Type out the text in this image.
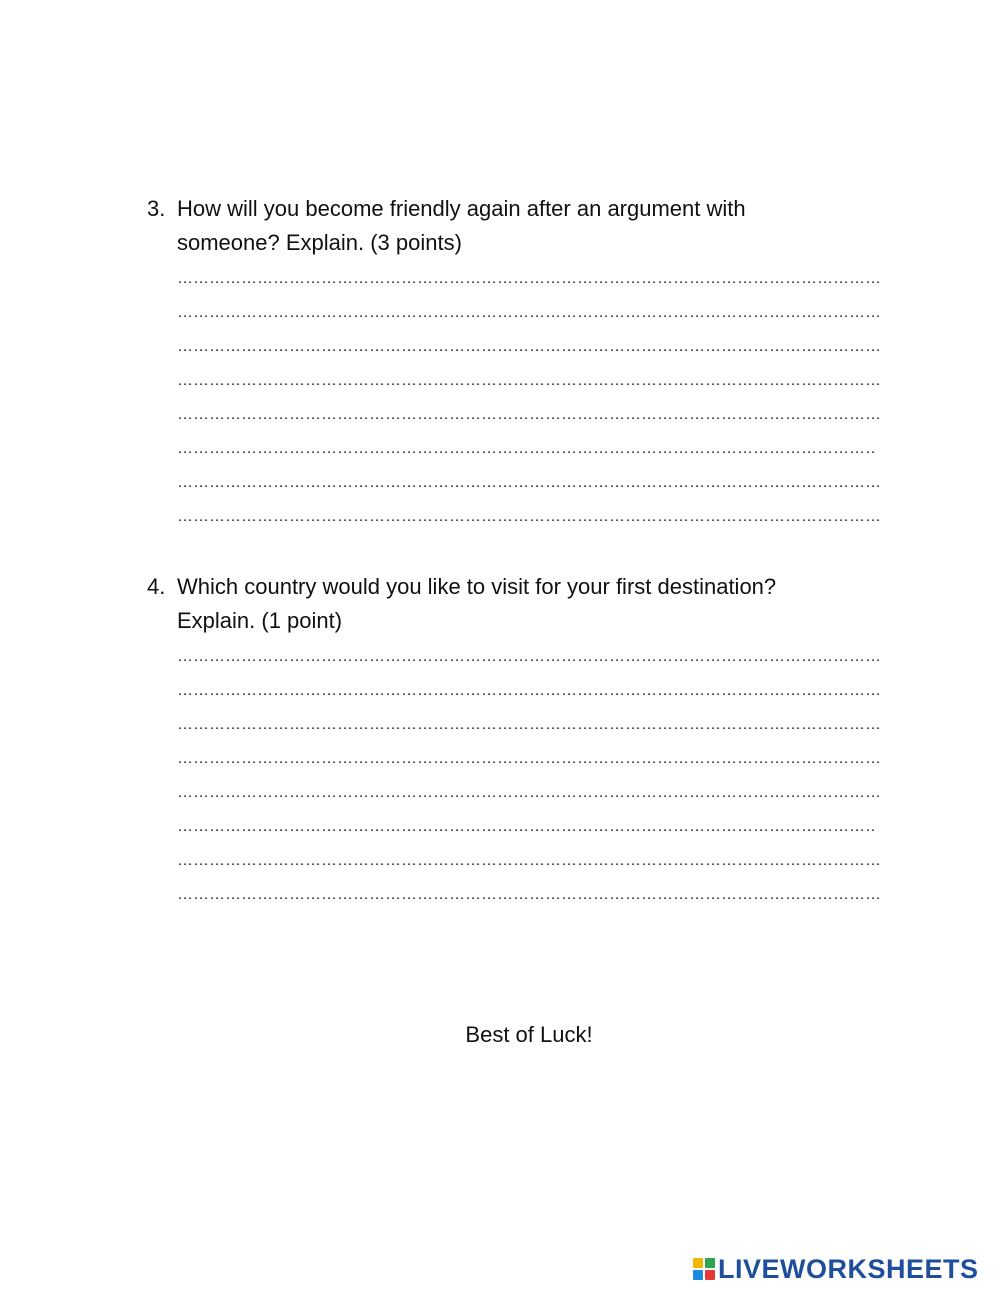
3. How will you become friendly again after an argument with
someone? Explain. (3 points)
………………………………………………………………………………………………………………………………………………
………………………………………………………………………………………………………………………………………………
………………………………………………………………………………………………………………………………………………
………………………………………………………………………………………………………………………………………………
………………………………………………………………………………………………………………………………………………
………………………………………………………………………………………………………………………………………………
………………………………………………………………………………………………………………………………………………
………………………………………………………………………………………………………………………………………………
4. Which country would you like to visit for your first destination?
Explain. (1 point)
………………………………………………………………………………………………………………………………………………
………………………………………………………………………………………………………………………………………………
………………………………………………………………………………………………………………………………………………
………………………………………………………………………………………………………………………………………………
………………………………………………………………………………………………………………………………………………
………………………………………………………………………………………………………………………………………………
………………………………………………………………………………………………………………………………………………
………………………………………………………………………………………………………………………………………………
Best of Luck!
LIVEWORKSHEETS
